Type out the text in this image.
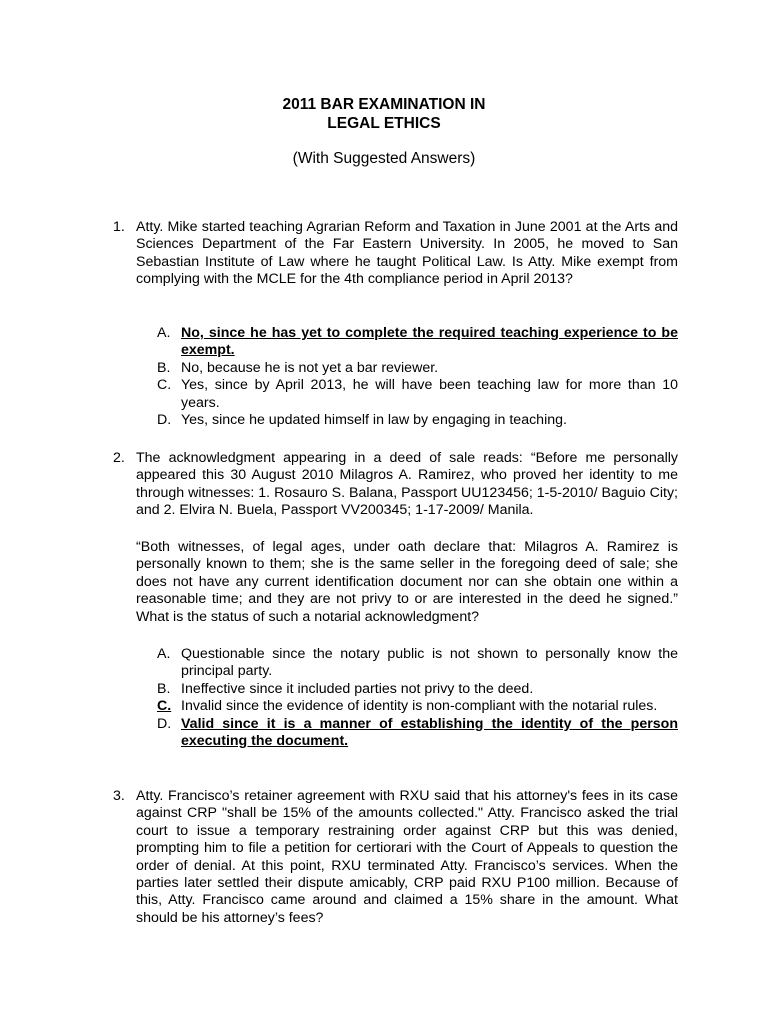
2011 BAR EXAMINATION IN
LEGAL ETHICS
(With Suggested Answers)
1. Atty. Mike started teaching Agrarian Reform and Taxation in June 2001 at the Arts and Sciences Department of the Far Eastern University. In 2005, he moved to San Sebastian Institute of Law where he taught Political Law. Is Atty. Mike exempt from complying with the MCLE for the 4th compliance period in April 2013?
A. No, since he has yet to complete the required teaching experience to be exempt.
B. No, because he is not yet a bar reviewer.
C. Yes, since by April 2013, he will have been teaching law for more than 10 years.
D. Yes, since he updated himself in law by engaging in teaching.
2. The acknowledgment appearing in a deed of sale reads: “Before me personally appeared this 30 August 2010 Milagros A. Ramirez, who proved her identity to me through witnesses: 1. Rosauro S. Balana, Passport UU123456; 1-5-2010/ Baguio City; and 2. Elvira N. Buela, Passport VV200345; 1-17-2009/ Manila.
“Both witnesses, of legal ages, under oath declare that: Milagros A. Ramirez is personally known to them; she is the same seller in the foregoing deed of sale; she does not have any current identification document nor can she obtain one within a reasonable time; and they are not privy to or are interested in the deed he signed.” What is the status of such a notarial acknowledgment?
A. Questionable since the notary public is not shown to personally know the principal party.
B. Ineffective since it included parties not privy to the deed.
C. Invalid since the evidence of identity is non-compliant with the notarial rules.
D. Valid since it is a manner of establishing the identity of the person executing the document.
3. Atty. Francisco’s retainer agreement with RXU said that his attorney's fees in its case against CRP "shall be 15% of the amounts collected." Atty. Francisco asked the trial court to issue a temporary restraining order against CRP but this was denied, prompting him to file a petition for certiorari with the Court of Appeals to question the order of denial. At this point, RXU terminated Atty. Francisco’s services. When the parties later settled their dispute amicably, CRP paid RXU P100 million. Because of this, Atty. Francisco came around and claimed a 15% share in the amount. What should be his attorney’s fees?
